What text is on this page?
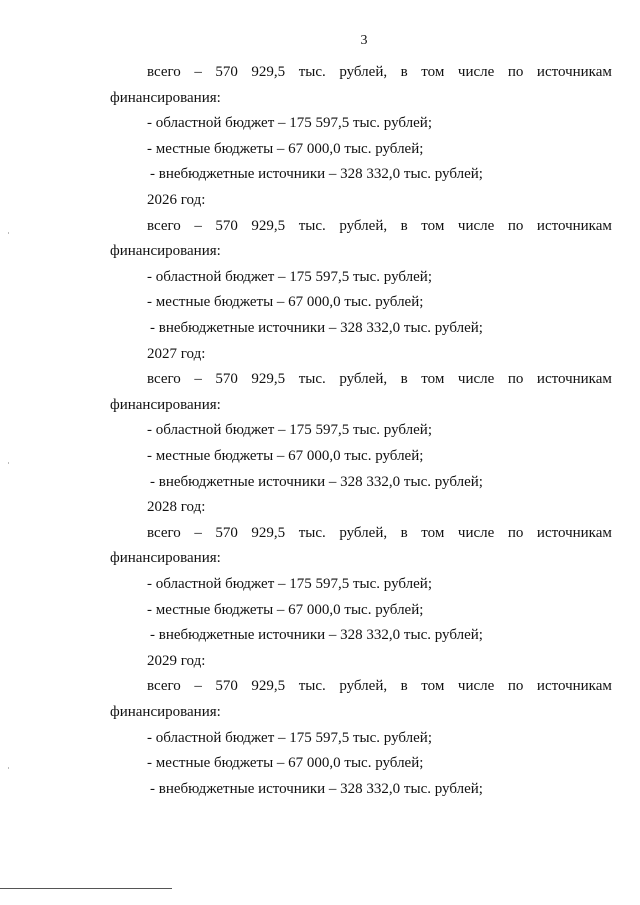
3
всего – 570 929,5 тыс. рублей, в том числе по источникам
финансирования:
- областной бюджет – 175 597,5 тыс. рублей;
- местные бюджеты – 67 000,0 тыс. рублей;
- внебюджетные источники – 328 332,0 тыс. рублей;
2026 год:
всего – 570 929,5 тыс. рублей, в том числе по источникам
финансирования:
- областной бюджет – 175 597,5 тыс. рублей;
- местные бюджеты – 67 000,0 тыс. рублей;
- внебюджетные источники – 328 332,0 тыс. рублей;
2027 год:
всего – 570 929,5 тыс. рублей, в том числе по источникам
финансирования:
- областной бюджет – 175 597,5 тыс. рублей;
- местные бюджеты – 67 000,0 тыс. рублей;
- внебюджетные источники – 328 332,0 тыс. рублей;
2028 год:
всего – 570 929,5 тыс. рублей, в том числе по источникам
финансирования:
- областной бюджет – 175 597,5 тыс. рублей;
- местные бюджеты – 67 000,0 тыс. рублей;
- внебюджетные источники – 328 332,0 тыс. рублей;
2029 год:
всего – 570 929,5 тыс. рублей, в том числе по источникам
финансирования:
- областной бюджет – 175 597,5 тыс. рублей;
- местные бюджеты – 67 000,0 тыс. рублей;
- внебюджетные источники – 328 332,0 тыс. рублей;
